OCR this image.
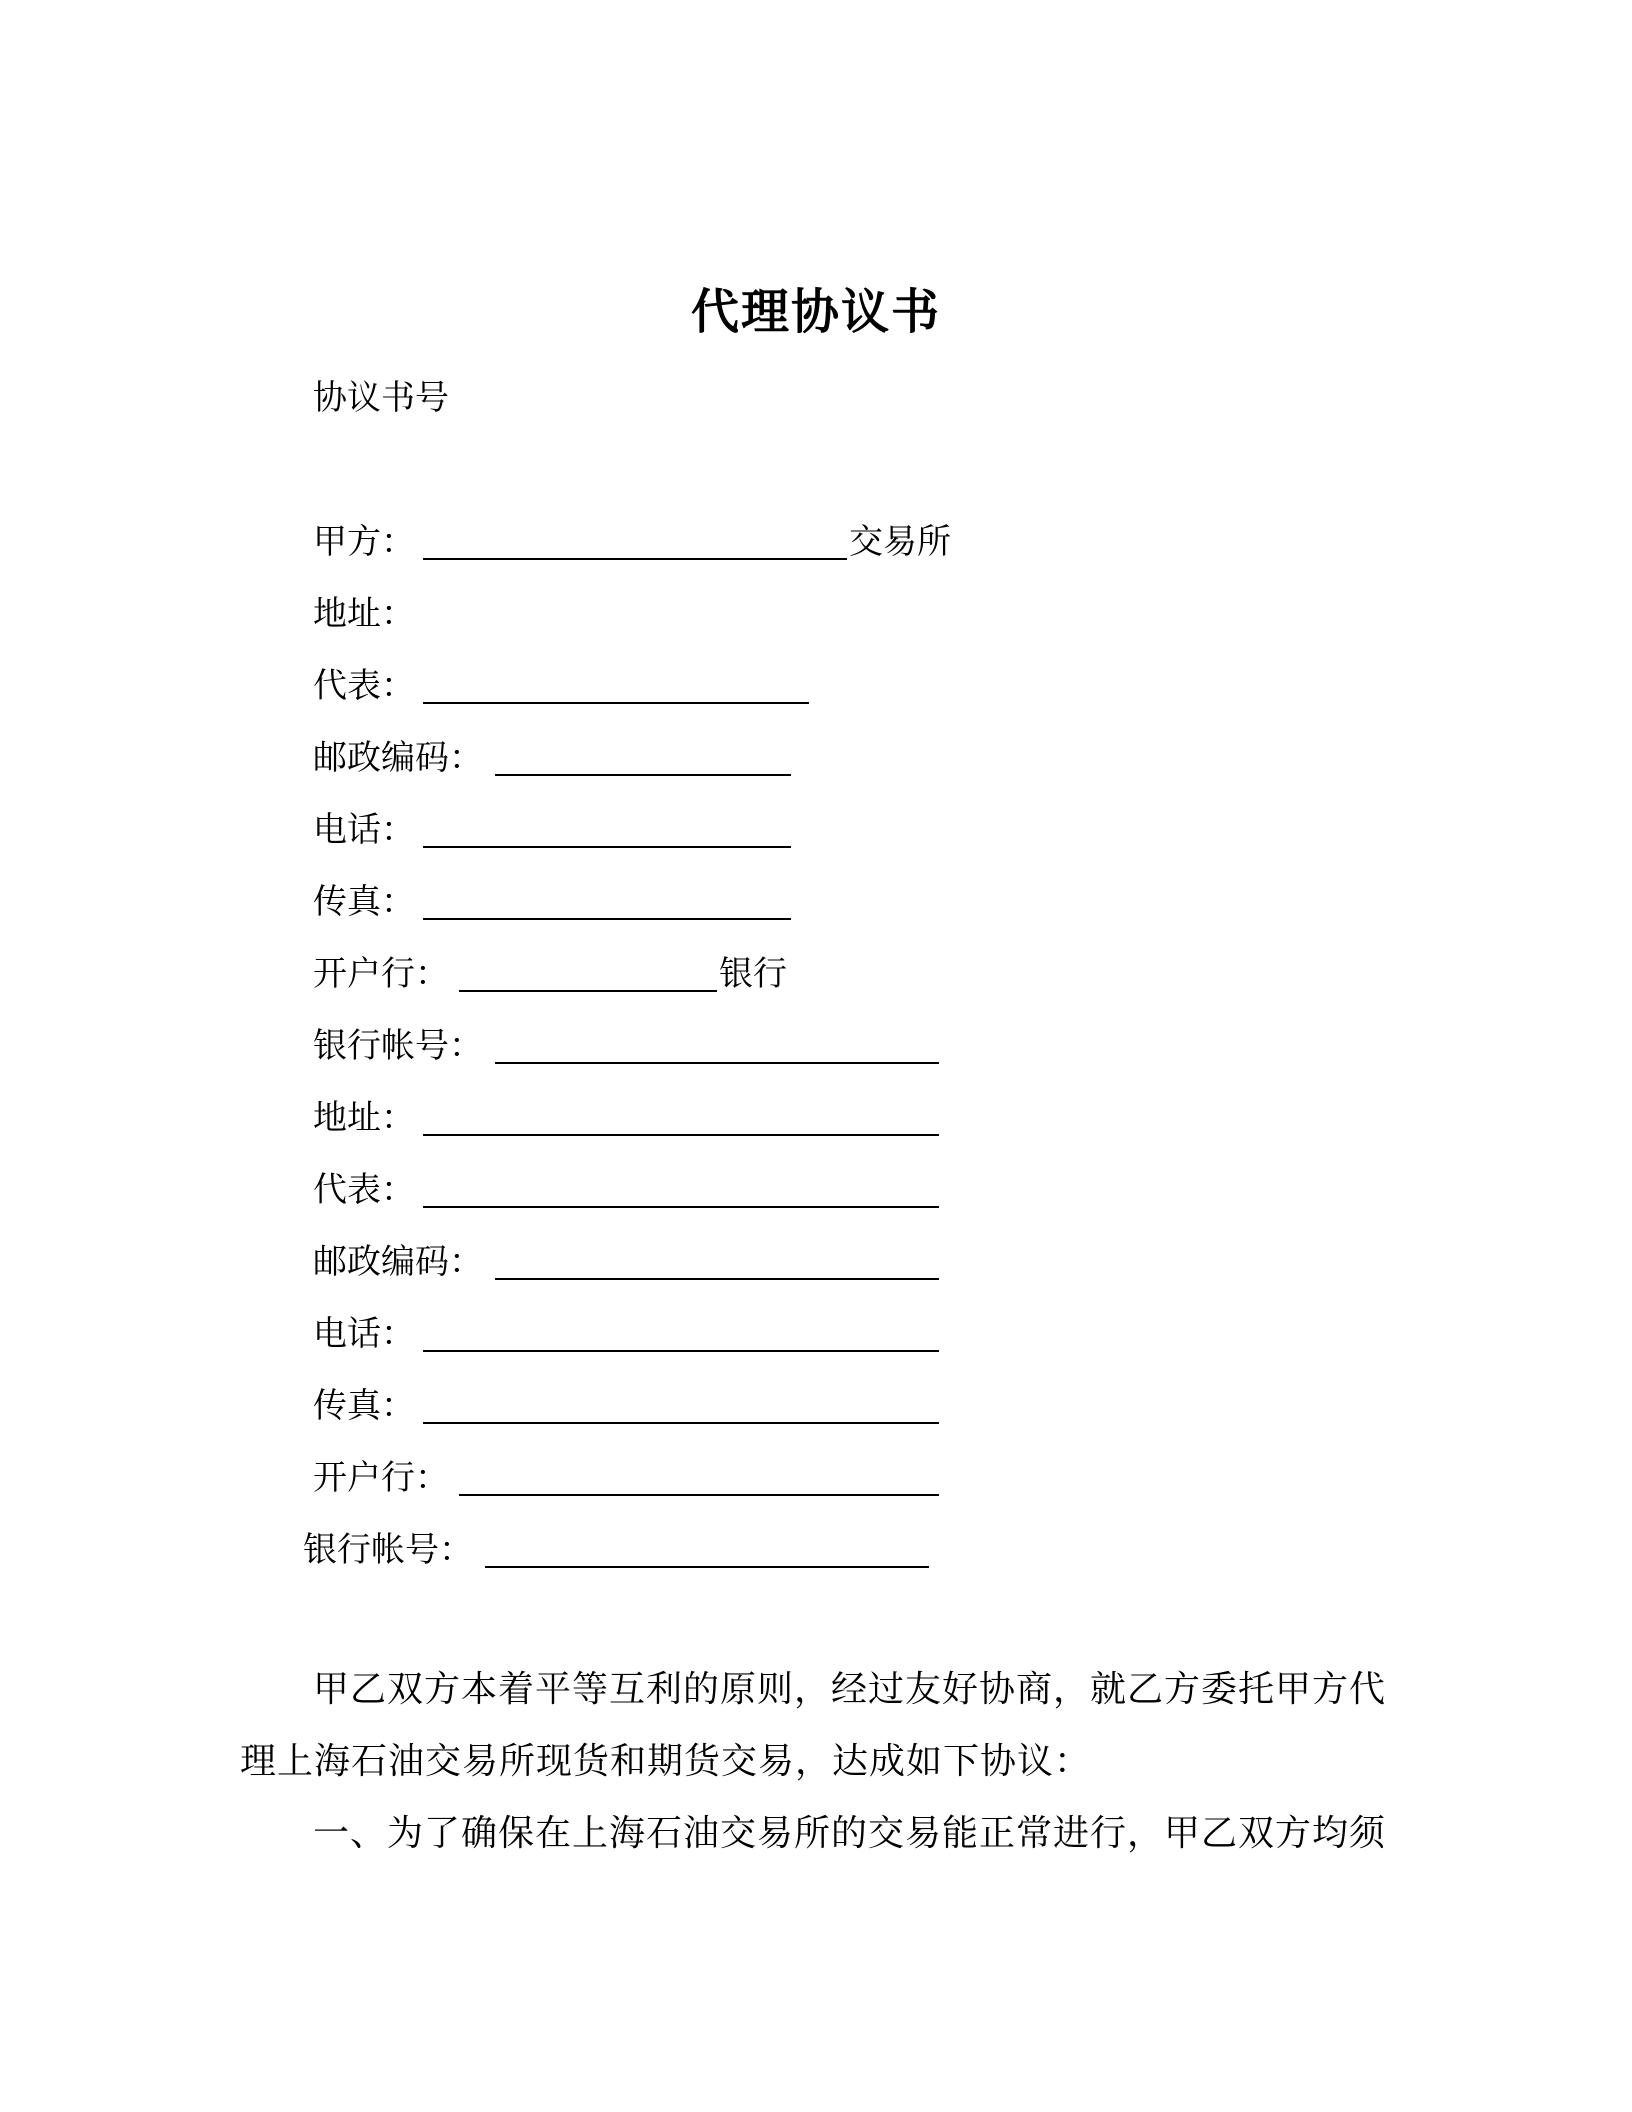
代理协议书
协议书号
甲方：	交易所
地址：
代表：
邮政编码：
电话：
传真：
开户行：	银行
银行帐号：
地址：
代表：
邮政编码：
电话：
传真：
开户行：
银行帐号：
甲乙双方本着平等互利的原则，经过友好协商，就乙方委托甲方代
理上海石油交易所现货和期货交易，达成如下协议：
一、为了确保在上海石油交易所的交易能正常进行，甲乙双方均须
